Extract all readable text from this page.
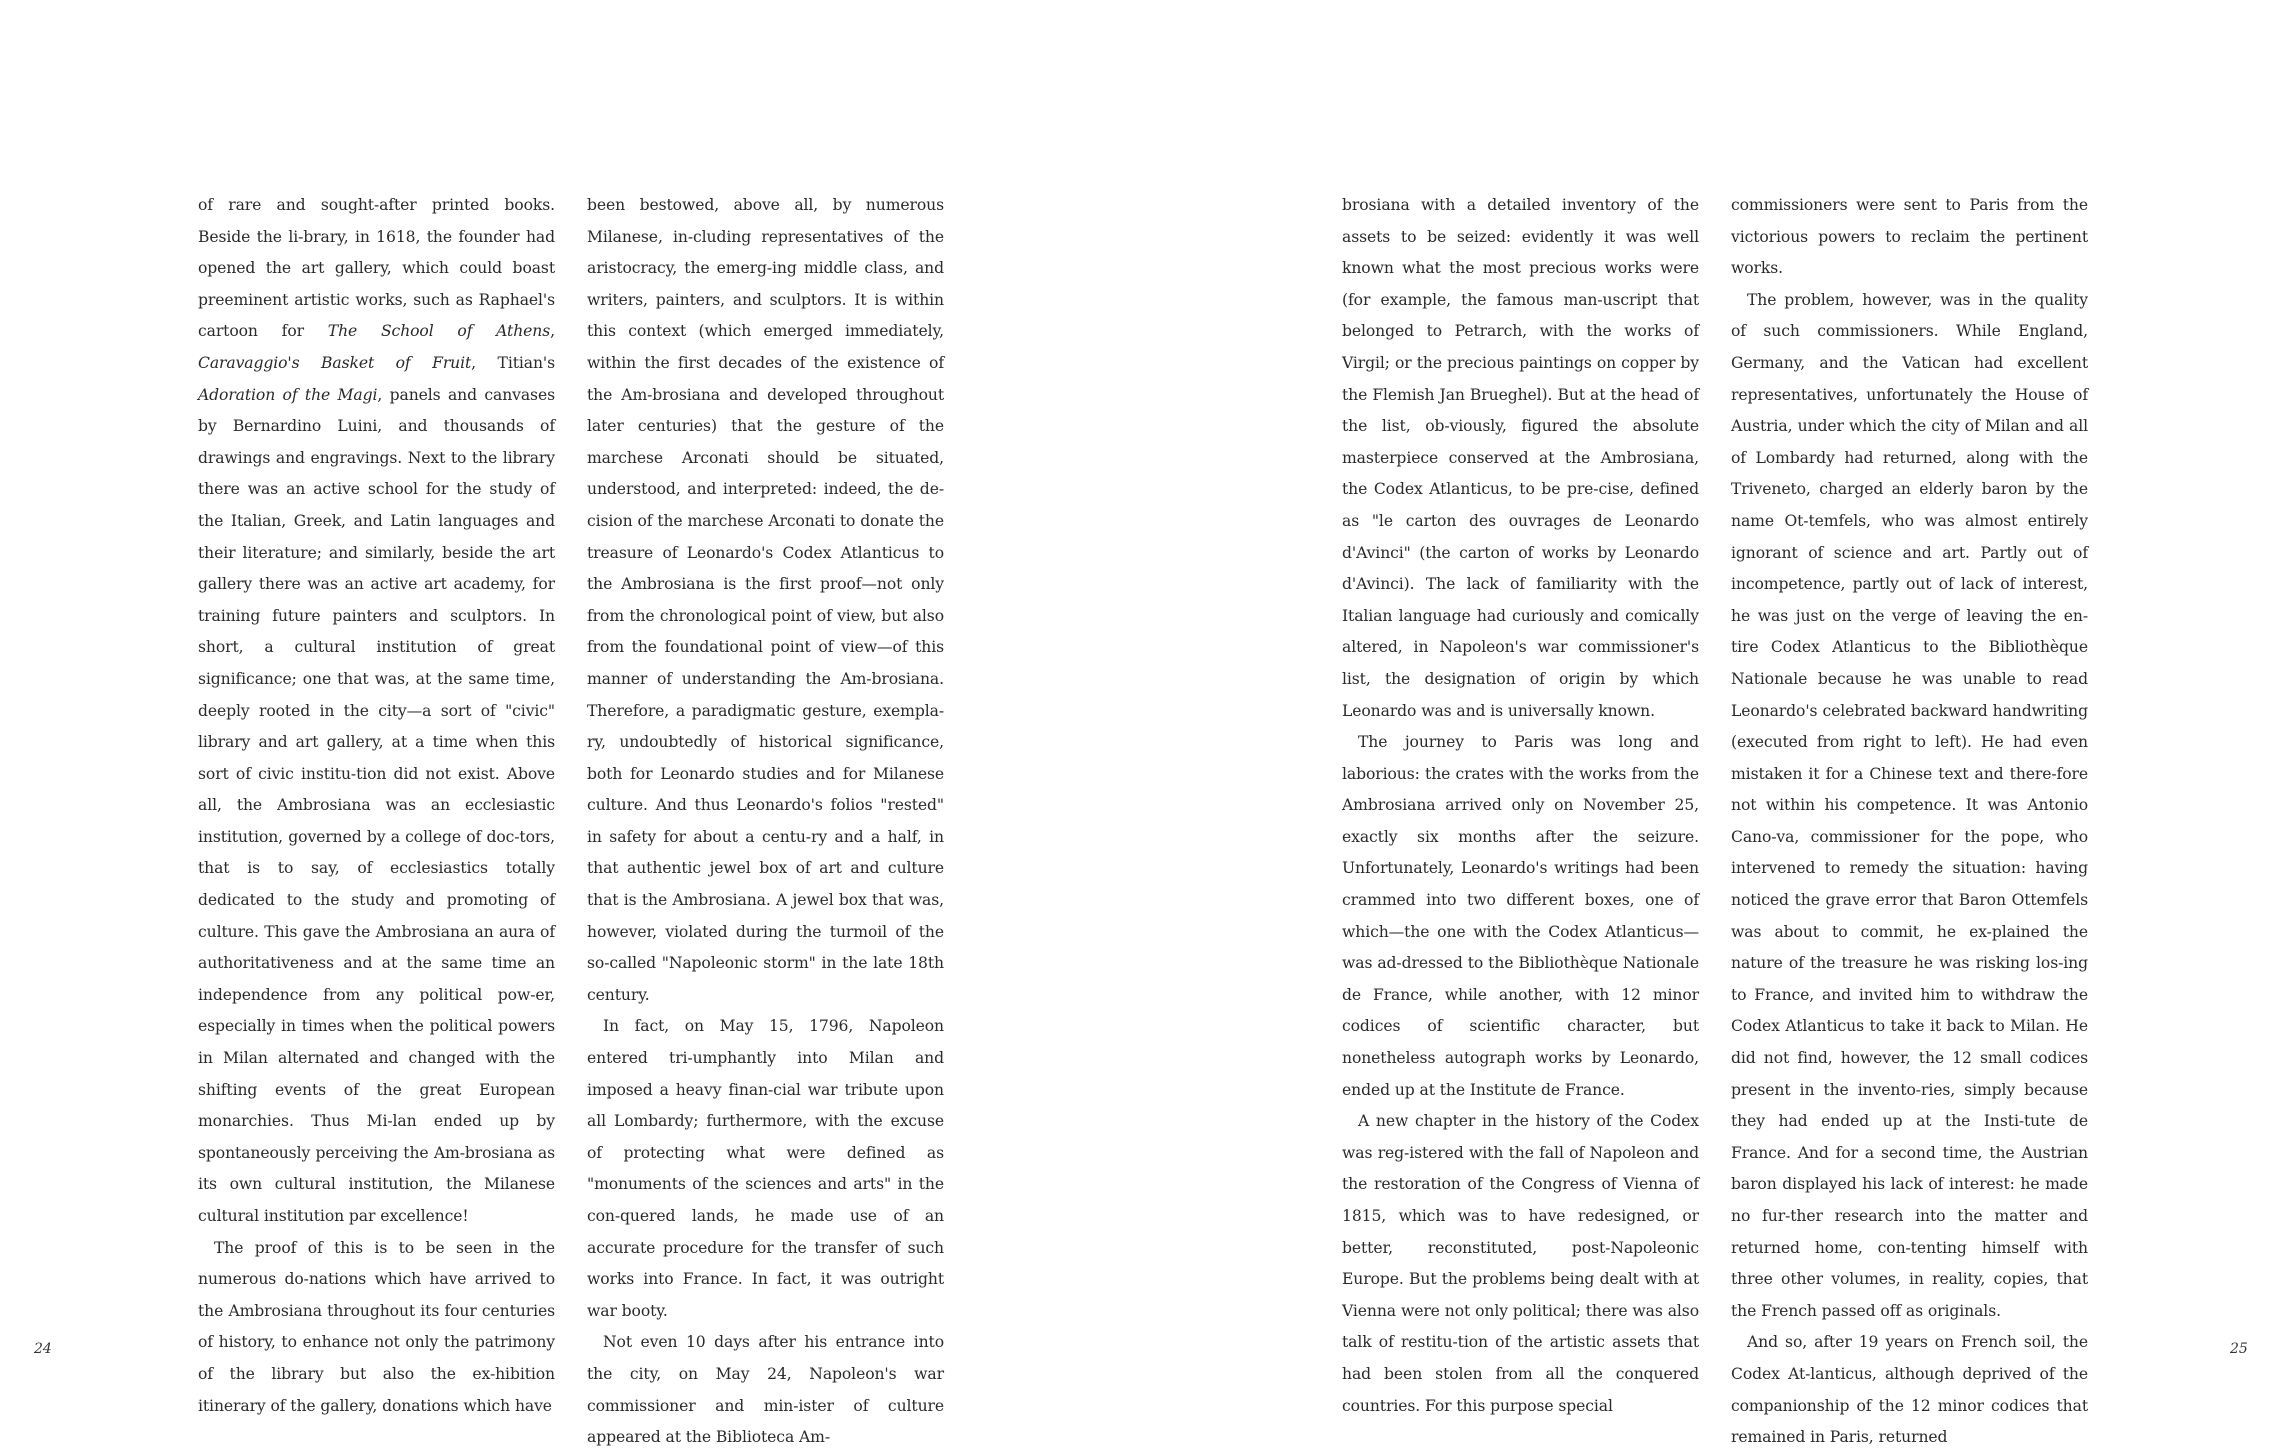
of rare and sought-after printed books. Beside the li-brary, in 1618, the founder had opened the art gallery, which could boast preeminent artistic works, such as Raphael's cartoon for The School of Athens, Caravaggio's Basket of Fruit, Titian's Adoration of the Magi, panels and canvases by Bernardino Luini, and thousands of drawings and engravings. Next to the library there was an active school for the study of the Italian, Greek, and Latin languages and their literature; and similarly, beside the art gallery there was an active art academy, for training future painters and sculptors. In short, a cultural institution of great significance; one that was, at the same time, deeply rooted in the city—a sort of "civic" library and art gallery, at a time when this sort of civic institu-tion did not exist. Above all, the Ambrosiana was an ecclesiastic institution, governed by a college of doc-tors, that is to say, of ecclesiastics totally dedicated to the study and promoting of culture. This gave the Ambrosiana an aura of authoritativeness and at the same time an independence from any political pow-er, especially in times when the political powers in Milan alternated and changed with the shifting events of the great European monarchies. Thus Mi-lan ended up by spontaneously perceiving the Am-brosiana as its own cultural institution, the Milanese cultural institution par excellence!

The proof of this is to be seen in the numerous do-nations which have arrived to the Ambrosiana throughout its four centuries of history, to enhance not only the patrimony of the library but also the ex-hibition itinerary of the gallery, donations which have

been bestowed, above all, by numerous Milanese, in-cluding representatives of the aristocracy, the emerg-ing middle class, and writers, painters, and sculptors. It is within this context (which emerged immediately, within the first decades of the existence of the Am-brosiana and developed throughout later centuries) that the gesture of the marchese Arconati should be situated, understood, and interpreted: indeed, the de-cision of the marchese Arconati to donate the treasure of Leonardo's Codex Atlanticus to the Ambrosiana is the first proof—not only from the chronological point of view, but also from the foundational point of view—of this manner of understanding the Am-brosiana. Therefore, a paradigmatic gesture, exempla-ry, undoubtedly of historical significance, both for Leonardo studies and for Milanese culture. And thus Leonardo's folios "rested" in safety for about a centu-ry and a half, in that authentic jewel box of art and culture that is the Ambrosiana. A jewel box that was, however, violated during the turmoil of the so-called "Napoleonic storm" in the late 18th century.

In fact, on May 15, 1796, Napoleon entered tri-umphantly into Milan and imposed a heavy finan-cial war tribute upon all Lombardy; furthermore, with the excuse of protecting what were defined as "monuments of the sciences and arts" in the con-quered lands, he made use of an accurate procedure for the transfer of such works into France. In fact, it was outright war booty.

Not even 10 days after his entrance into the city, on May 24, Napoleon's war commissioner and min-ister of culture appeared at the Biblioteca Am-

brosiana with a detailed inventory of the assets to be seized: evidently it was well known what the most precious works were (for example, the famous man-uscript that belonged to Petrarch, with the works of Virgil; or the precious paintings on copper by the Flemish Jan Brueghel). But at the head of the list, ob-viously, figured the absolute masterpiece conserved at the Ambrosiana, the Codex Atlanticus, to be pre-cise, defined as "le carton des ouvrages de Leonardo d'Avinci" (the carton of works by Leonardo d'Avinci). The lack of familiarity with the Italian language had curiously and comically altered, in Napoleon's war commissioner's list, the designation of origin by which Leonardo was and is universally known.

The journey to Paris was long and laborious: the crates with the works from the Ambrosiana arrived only on November 25, exactly six months after the seizure. Unfortunately, Leonardo's writings had been crammed into two different boxes, one of which—the one with the Codex Atlanticus—was ad-dressed to the Bibliothèque Nationale de France, while another, with 12 minor codices of scientific character, but nonetheless autograph works by Leonardo, ended up at the Institute de France.

A new chapter in the history of the Codex was reg-istered with the fall of Napoleon and the restoration of the Congress of Vienna of 1815, which was to have redesigned, or better, reconstituted, post-Napoleonic Europe. But the problems being dealt with at Vienna were not only political; there was also talk of restitu-tion of the artistic assets that had been stolen from all the conquered countries. For this purpose special

commissioners were sent to Paris from the victorious powers to reclaim the pertinent works.

The problem, however, was in the quality of such commissioners. While England, Germany, and the Vatican had excellent representatives, unfortunately the House of Austria, under which the city of Milan and all of Lombardy had returned, along with the Triveneto, charged an elderly baron by the name Ot-temfels, who was almost entirely ignorant of science and art. Partly out of incompetence, partly out of lack of interest, he was just on the verge of leaving the en-tire Codex Atlanticus to the Bibliothèque Nationale because he was unable to read Leonardo's celebrated backward handwriting (executed from right to left). He had even mistaken it for a Chinese text and there-fore not within his competence. It was Antonio Cano-va, commissioner for the pope, who intervened to remedy the situation: having noticed the grave error that Baron Ottemfels was about to commit, he ex-plained the nature of the treasure he was risking los-ing to France, and invited him to withdraw the Codex Atlanticus to take it back to Milan. He did not find, however, the 12 small codices present in the invento-ries, simply because they had ended up at the Insti-tute de France. And for a second time, the Austrian baron displayed his lack of interest: he made no fur-ther research into the matter and returned home, con-tenting himself with three other volumes, in reality, copies, that the French passed off as originals.

And so, after 19 years on French soil, the Codex At-lanticus, although deprived of the companionship of the 12 minor codices that remained in Paris, returned

24	25
